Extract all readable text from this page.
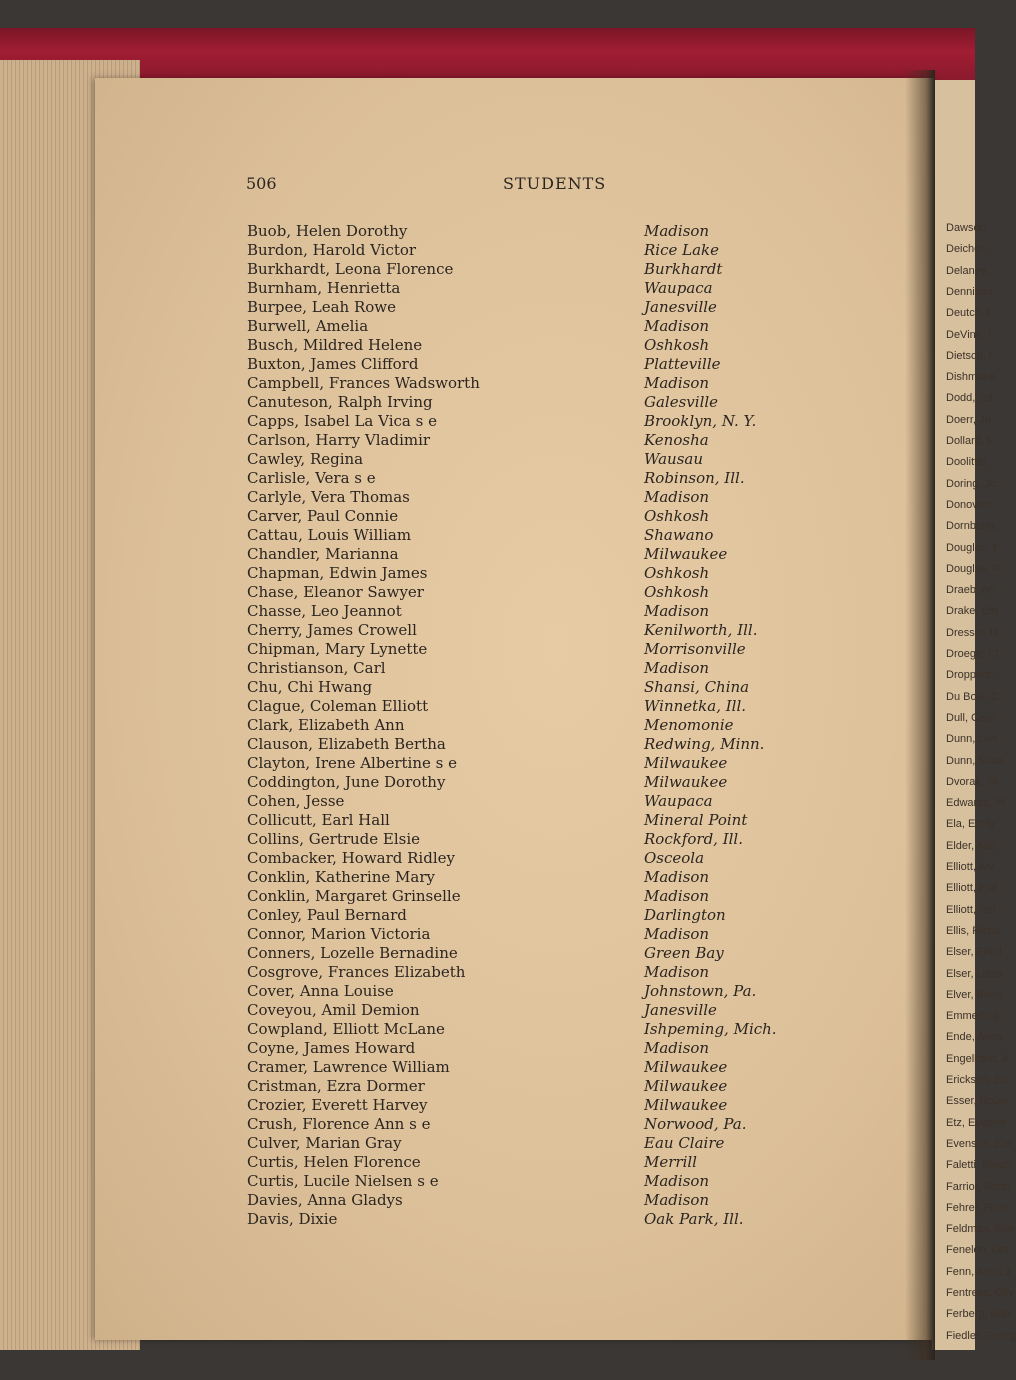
Dawson,
Deicher,
Delaney,
Dennison
Deutch, I
DeVine, I
Dietsch, I
Dishmake
Dodd, Jol
Doerr, Jo
Dollard, F
Doolittle,
Doring, Jc
Donovan,
Dornbush,
Douglas, F
Douglas, F
Draeb, An
Drake, Em
Dresser, H
Droege, Cl
Droppers,
Du Bois, C
Dull, Cecil
Dunn, Lon
Dunn, Susa
Dvorak, Hi
Edwards, W
Ela, Emily
Elder, Kati
Elliott, Alv
Elliott, Fait
Elliott, Hel
Ellis, Richa
Elser, Fried
Elser, Louis
Elver, Berni
Emmerling,
Ende, Anna
Engelhard, A
Erickson, Ed
Esser, Rober
Etz, Eugene
Evenson, Ear
Faletti, Steph
Farrior, Bonn
Fehrer, Flore
Feldman, San
Fenelon, Dor
Fenn, Alma J
Fentress, Oliv
Ferberg, Bab
Fiedler, Georg
506	STUDENTS
Buob, Helen Dorothy	Madison
Burdon, Harold Victor	Rice Lake
Burkhardt, Leona Florence	Burkhardt
Burnham, Henrietta	Waupaca
Burpee, Leah Rowe	Janesville
Burwell, Amelia	Madison
Busch, Mildred Helene	Oshkosh
Buxton, James Clifford	Platteville
Campbell, Frances Wadsworth	Madison
Canuteson, Ralph Irving	Galesville
Capps, Isabel La Vica s e	Brooklyn, N. Y.
Carlson, Harry Vladimir	Kenosha
Cawley, Regina	Wausau
Carlisle, Vera s e	Robinson, Ill.
Carlyle, Vera Thomas	Madison
Carver, Paul Connie	Oshkosh
Cattau, Louis William	Shawano
Chandler, Marianna	Milwaukee
Chapman, Edwin James	Oshkosh
Chase, Eleanor Sawyer	Oshkosh
Chasse, Leo Jeannot	Madison
Cherry, James Crowell	Kenilworth, Ill.
Chipman, Mary Lynette	Morrisonville
Christianson, Carl	Madison
Chu, Chi Hwang	Shansi, China
Clague, Coleman Elliott	Winnetka, Ill.
Clark, Elizabeth Ann	Menomonie
Clauson, Elizabeth Bertha	Redwing, Minn.
Clayton, Irene Albertine s e	Milwaukee
Coddington, June Dorothy	Milwaukee
Cohen, Jesse	Waupaca
Collicutt, Earl Hall	Mineral Point
Collins, Gertrude Elsie	Rockford, Ill.
Combacker, Howard Ridley	Osceola
Conklin, Katherine Mary	Madison
Conklin, Margaret Grinselle	Madison
Conley, Paul Bernard	Darlington
Connor, Marion Victoria	Madison
Conners, Lozelle Bernadine	Green Bay
Cosgrove, Frances Elizabeth	Madison
Cover, Anna Louise	Johnstown, Pa.
Coveyou, Amil Demion	Janesville
Cowpland, Elliott McLane	Ishpeming, Mich.
Coyne, James Howard	Madison
Cramer, Lawrence William	Milwaukee
Cristman, Ezra Dormer	Milwaukee
Crozier, Everett Harvey	Milwaukee
Crush, Florence Ann s e	Norwood, Pa.
Culver, Marian Gray	Eau Claire
Curtis, Helen Florence	Merrill
Curtis, Lucile Nielsen s e	Madison
Davies, Anna Gladys	Madison
Davis, Dixie	Oak Park, Ill.
